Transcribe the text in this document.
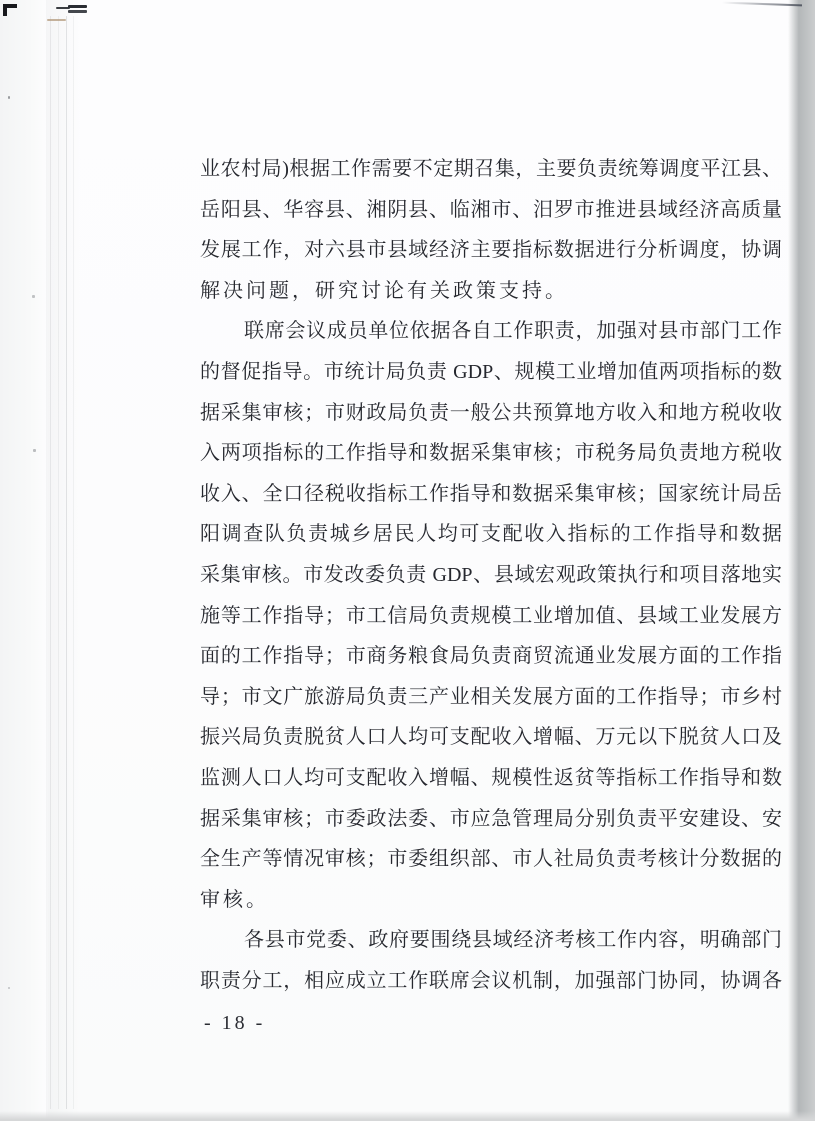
业农村局)根据工作需要不定期召集，主要负责统筹调度平江县、
岳阳县、华容县、湘阴县、临湘市、汨罗市推进县域经济高质量
发展工作，对六县市县域经济主要指标数据进行分析调度，协调
解决问题，研究讨论有关政策支持。
联席会议成员单位依据各自工作职责，加强对县市部门工作
的督促指导。市统计局负责 GDP、规模工业增加值两项指标的数
据采集审核；市财政局负责一般公共预算地方收入和地方税收收
入两项指标的工作指导和数据采集审核；市税务局负责地方税收
收入、全口径税收指标工作指导和数据采集审核；国家统计局岳
阳调查队负责城乡居民人均可支配收入指标的工作指导和数据
采集审核。市发改委负责 GDP、县域宏观政策执行和项目落地实
施等工作指导；市工信局负责规模工业增加值、县域工业发展方
面的工作指导；市商务粮食局负责商贸流通业发展方面的工作指
导；市文广旅游局负责三产业相关发展方面的工作指导；市乡村
振兴局负责脱贫人口人均可支配收入增幅、万元以下脱贫人口及
监测人口人均可支配收入增幅、规模性返贫等指标工作指导和数
据采集审核；市委政法委、市应急管理局分别负责平安建设、安
全生产等情况审核；市委组织部、市人社局负责考核计分数据的
审核。
各县市党委、政府要围绕县域经济考核工作内容，明确部门
职责分工，相应成立工作联席会议机制，加强部门协同，协调各
- 18 -
